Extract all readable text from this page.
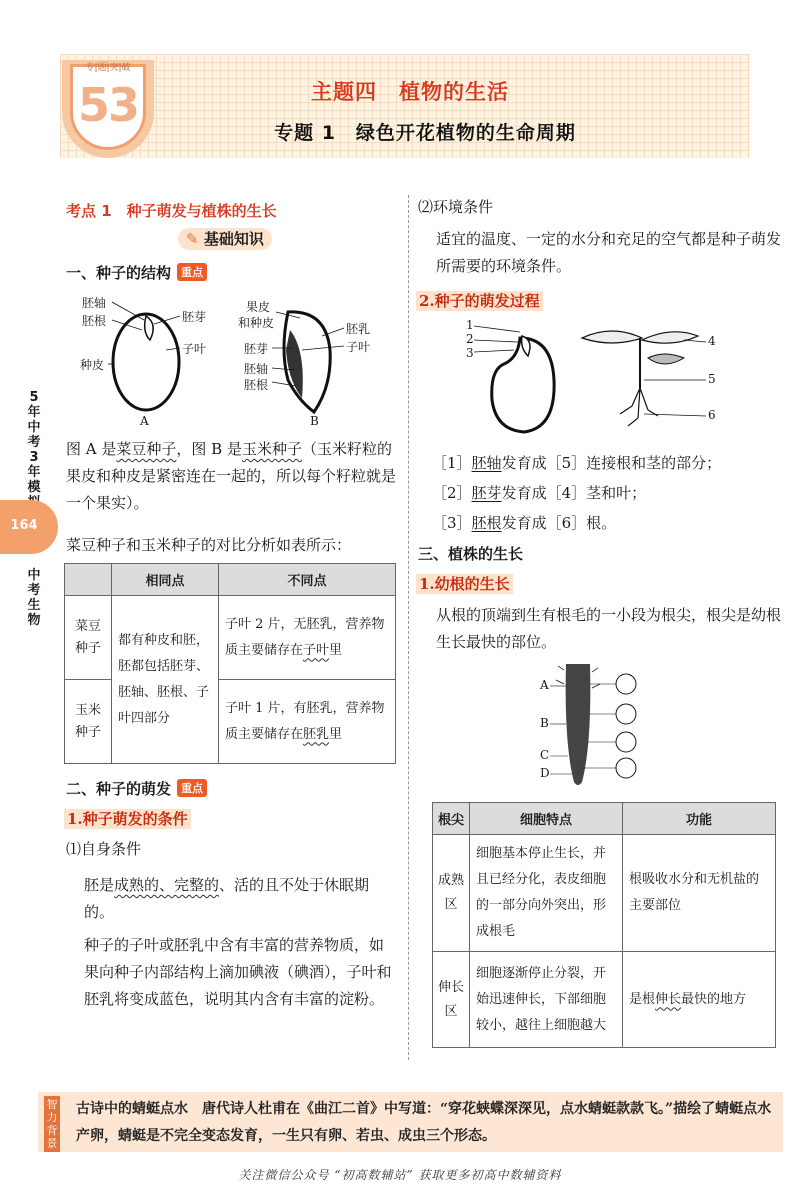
专|题|突|破
53	主题四　植物的生活
专题 1　绿色开花植物的生命周期
5年中考3年模
164
中考生物
考点 1　种子萌发与植株的生长
✎ 基础知识
一、种子的结构 重点
胚轴
胚根	胚芽
子叶
种皮
A
果皮
和种皮	胚乳
子叶
胚芽
胚轴
胚根
B
图 A 是菜豆种子，图 B 是玉米种子（玉米籽粒的果皮和种皮是紧密连在一起的，所以每个籽粒就是一个果实）。
菜豆种子和玉米种子的对比分析如表所示：
	相同点	不同点
菜豆种子	都有种皮和胚，胚都包括胚芽、胚轴、胚根、子叶四部分	子叶 2 片，无胚乳，营养物质主要储存在子叶里
玉米种子		子叶 1 片，有胚乳，营养物质主要储存在胚乳里
二、种子的萌发 重点
1.种子萌发的条件
⑴自身条件
胚是成熟的、完整的、活的且不处于休眠期的。
种子的子叶或胚乳中含有丰富的营养物质，如果向种子内部结构上滴加碘液（碘酒），子叶和胚乳将变成蓝色，说明其内含有丰富的淀粉。
⑵环境条件
适宜的温度、一定的水分和充足的空气都是种子萌发所需要的环境条件。
2.种子的萌发过程
1
2
3
4
5
6
［1］胚轴发育成［5］连接根和茎的部分；
［2］胚芽发育成［4］茎和叶；
［3］胚根发育成［6］根。
三、植株的生长
1.幼根的生长
从根的顶端到生有根毛的一小段为根尖，根尖是幼根生长最快的部位。
A
B
C
D
根尖	细胞特点	功能
成熟区	细胞基本停止生长，并且已经分化，表皮细胞的一部分向外突出，形成根毛	根吸收水分和无机盐的主要部位
伸长区	细胞逐渐停止分裂，开始迅速伸长，下部细胞较小，越往上细胞越大	是根伸长最快的地方
智力背景
古诗中的蜻蜓点水 唐代诗人杜甫在《曲江二首》中写道：“穿花蛱蝶深深见，点水蜻蜓款款飞。”描绘了蜻蜓点水产卵，蜻蜓是不完全变态发育，一生只有卵、若虫、成虫三个形态。
关注微信公众号 “初高数辅站” 获取更多初高中数辅资料
